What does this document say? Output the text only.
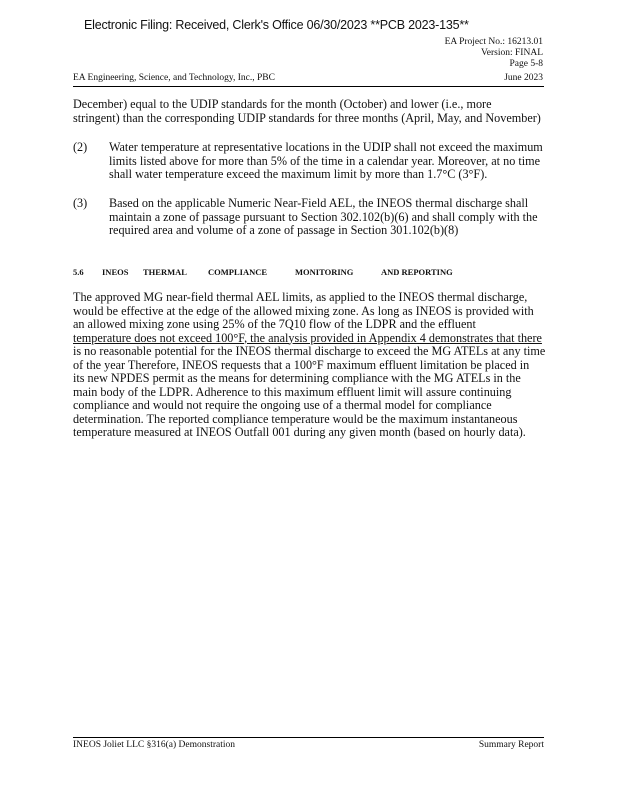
Electronic Filing: Received, Clerk's Office 06/30/2023 **PCB 2023-135**
EA Project No.: 16213.01
Version: FINAL
Page 5-8
EA Engineering, Science, and Technology, Inc., PBC	June 2023
December) equal to the UDIP standards for the month (October) and lower (i.e., more
stringent) than the corresponding UDIP standards for three months (April, May, and November)
(2) Water temperature at representative locations in the UDIP shall not exceed the maximum
limits listed above for more than 5% of the time in a calendar year. Moreover, at no time
shall water temperature exceed the maximum limit by more than 1.7°C (3°F).
(3) Based on the applicable Numeric Near-Field AEL, the INEOS thermal discharge shall
maintain a zone of passage pursuant to Section 302.102(b)(6) and shall comply with the
required area and volume of a zone of passage in Section 301.102(b)(8)
5.6 INEOS THERMAL COMPLIANCE	MONITORING	AND REPORTING
The approved MG near-field thermal AEL limits, as applied to the INEOS thermal discharge,
would be effective at the edge of the allowed mixing zone. As long as INEOS is provided with
an allowed mixing zone using 25% of the 7Q10 flow of the LDPR and the effluent
temperature does not exceed 100°F, the analysis provided in Appendix 4 demonstrates that there
is no reasonable potential for the INEOS thermal discharge to exceed the MG ATELs at any time
of the year Therefore, INEOS requests that a 100°F maximum effluent limitation be placed in
its new NPDES permit as the means for determining compliance with the MG ATELs in the
main body of the LDPR. Adherence to this maximum effluent limit will assure continuing
compliance and would not require the ongoing use of a thermal model for compliance
determination. The reported compliance temperature would be the maximum instantaneous
temperature measured at INEOS Outfall 001 during any given month (based on hourly data).
INEOS Joliet LLC §316(a) Demonstration	Summary Report
